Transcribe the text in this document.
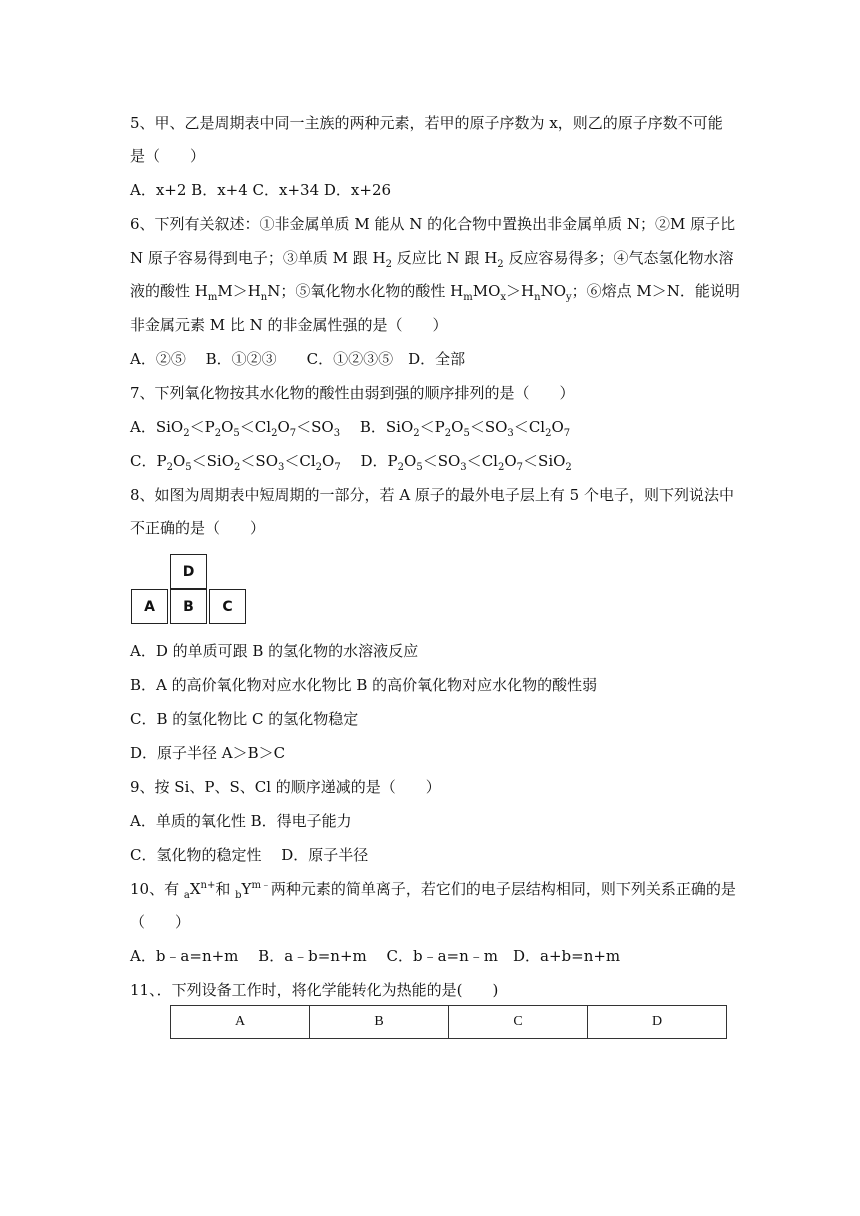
5、甲、乙是周期表中同一主族的两种元素，若甲的原子序数为 x，则乙的原子序数不可能
是（　　）
A．x+2 B．x+4 C．x+34 D．x+26
6、下列有关叙述：①非金属单质 M 能从 N 的化合物中置换出非金属单质 N；②M 原子比
N 原子容易得到电子；③单质 M 跟 $H_2$ 反应比 N 跟 $H_2$ 反应容易得多；④气态氢化物水溶
液的酸性 $H_mM>H_nN$；⑤氧化物水化物的酸性 $H_mMO_x>H_nNO_y$；⑥熔点 M＞N．能说明
非金属元素 M 比 N 的非金属性强的是（　　）
A．②⑤　 B．①②③　　C．①②③⑤　D．全部
7、下列氧化物按其水化物的酸性由弱到强的顺序排列的是（　　）
A．$SiO_2<P_2O_5<Cl_2O_7<SO_3$　 B．$SiO_2<P_2O_5<SO_3<Cl_2O_7$
C．$P_2O_5<SiO_2<SO_3<Cl_2O_7$　 D．$P_2O_5<SO_3<Cl_2O_7<SiO_2$
8、如图为周期表中短周期的一部分，若 A 原子的最外电子层上有 5 个电子，则下列说法中
不正确的是（　　）
D
A	B	C
A．D 的单质可跟 B 的氢化物的水溶液反应
B．A 的高价氧化物对应水化物比 B 的高价氧化物对应水化物的酸性弱
C．B 的氢化物比 C 的氢化物稳定
D．原子半径 A＞B＞C
9、按 Si、P、S、Cl 的顺序递减的是（　　）
A．单质的氧化性 B．得电子能力
C．氢化物的稳定性　 D．原子半径
10、有 $_aX^{n+}$和 $_bY^{m﹣}$两种元素的简单离子，若它们的电子层结构相同，则下列关系正确的是
（　　）
A．b﹣a=n+m　 B．a﹣b=n+m　 C．b﹣a=n﹣m　D．a+b=n+m
11、．下列设备工作时，将化学能转化为热能的是(　　)
A	B	C	D
